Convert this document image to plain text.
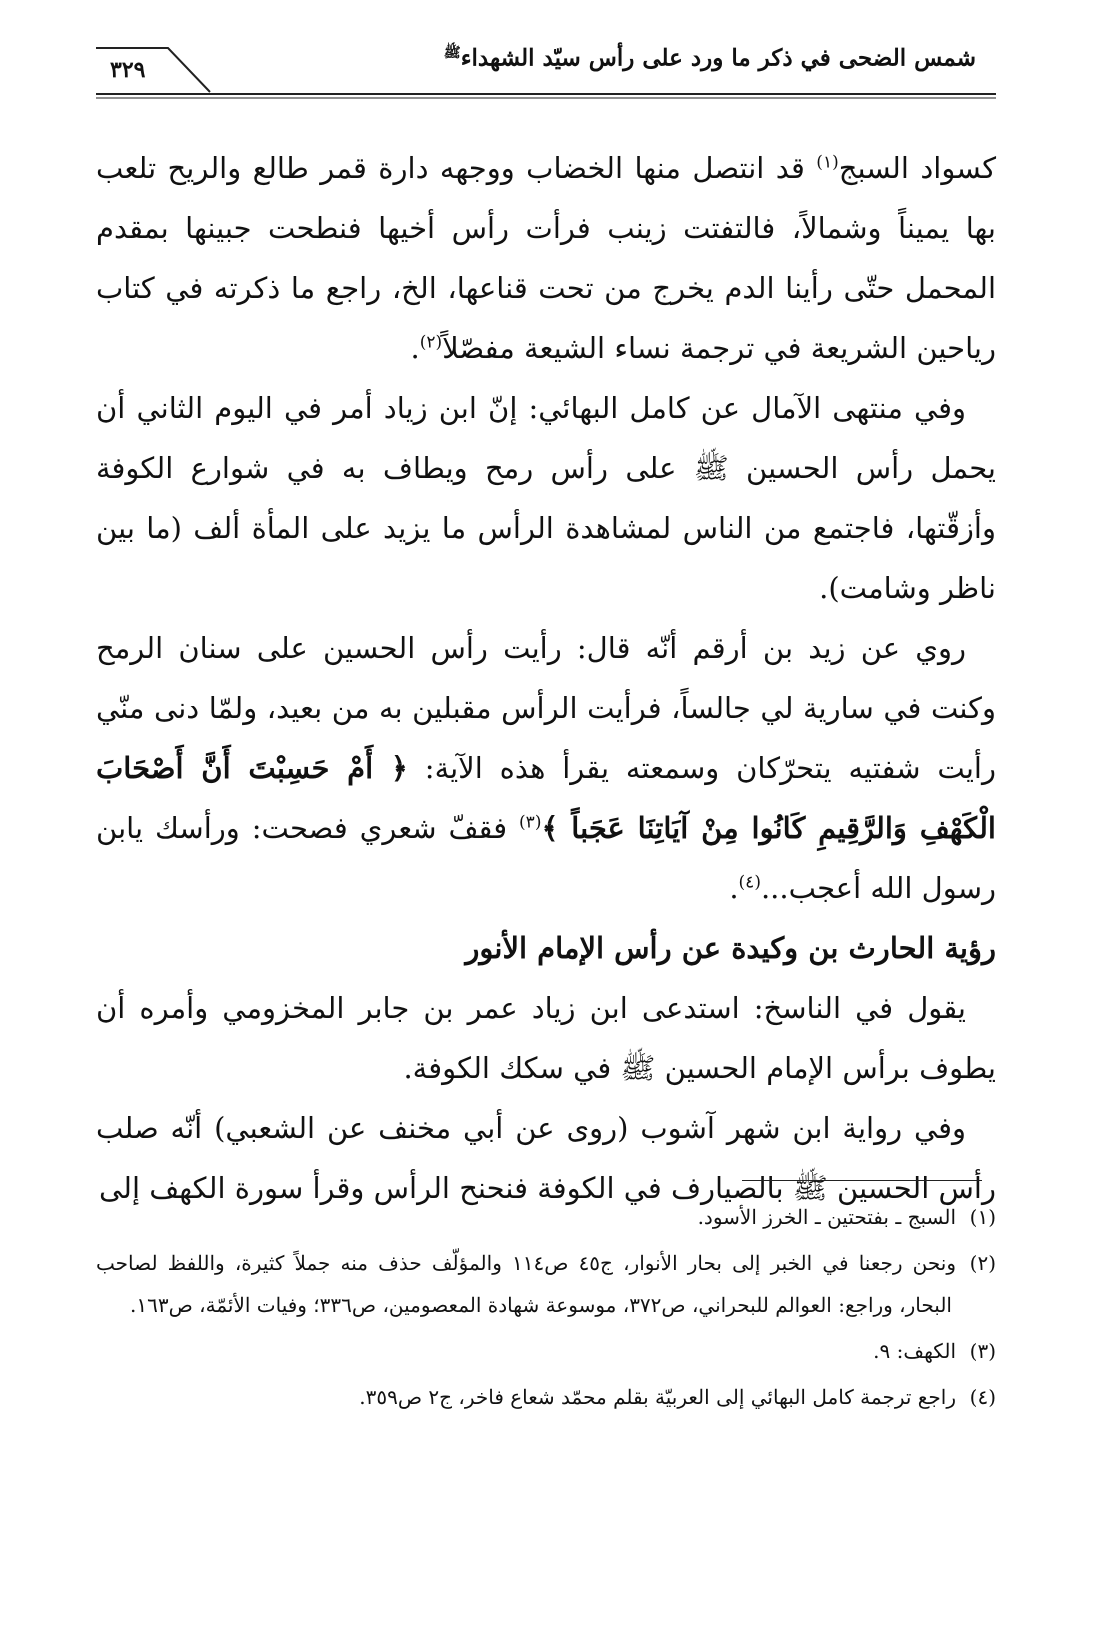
شمس الضحى في ذكر ما ورد على رأس سيّد الشهداء$^ﷺ$
٣٢٩

كسواد السبج$^{(١)}$ قد انتصل منها الخضاب ووجهه دارة قمر طالع والريح تلعب بها يميناً وشمالاً، فالتفتت زينب فرأت رأس أخيها فنطحت جبينها بمقدم المحمل حتّى رأينا الدم يخرج من تحت قناعها، الخ، راجع ما ذكرته في كتاب رياحين الشريعة في ترجمة نساء الشيعة مفصّلاً$^{(٢)}$.

وفي منتهى الآمال عن كامل البهائي: إنّ ابن زياد أمر في اليوم الثاني أن يحمل رأس الحسين ﷺ على رأس رمح ويطاف به في شوارع الكوفة وأزقّتها، فاجتمع من الناس لمشاهدة الرأس ما يزيد على المأة ألف (ما بين ناظر وشامت).

روي عن زيد بن أرقم أنّه قال: رأيت رأس الحسين على سنان الرمح وكنت في سارية لي جالساً، فرأيت الرأس مقبلين به من بعيد، ولمّا دنى منّي رأيت شفتيه يتحرّكان وسمعته يقرأ هذه الآية: ﴿ أَمْ حَسِبْتَ أَنَّ أَصْحَابَ الْكَهْفِ وَالرَّقِيمِ كَانُوا مِنْ آيَاتِنَا عَجَباً ﴾$^{(٣)}$ فقفّ شعري فصحت: ورأسك يابن رسول الله أعجب...$^{(٤)}$.

رؤية الحارث بن وكيدة عن رأس الإمام الأنور

يقول في الناسخ: استدعى ابن زياد عمر بن جابر المخزومي وأمره أن يطوف برأس الإمام الحسين ﷺ في سكك الكوفة.

وفي رواية ابن شهر آشوب (روى عن أبي مخنف عن الشعبي) أنّه صلب رأس الحسين ﷺ بالصيارف في الكوفة فنحنح الرأس وقرأ سورة الكهف إلى

(١)السبج ـ بفتحتين ـ الخرز الأسود.

(٢)ونحن رجعنا في الخبر إلى بحار الأنوار، ج٤٥ ص١١٤ والمؤلّف حذف منه جملاً كثيرة، واللفظ لصاحب البحار، وراجع: العوالم للبحراني، ص٣٧٢، موسوعة شهادة المعصومين، ص٣٣٦؛ وفيات الأئمّة، ص١٦٣.

(٣)الكهف: ٩.

(٤)راجع ترجمة كامل البهائي إلى العربيّة بقلم محمّد شعاع فاخر، ج٢ ص٣٥٩.
